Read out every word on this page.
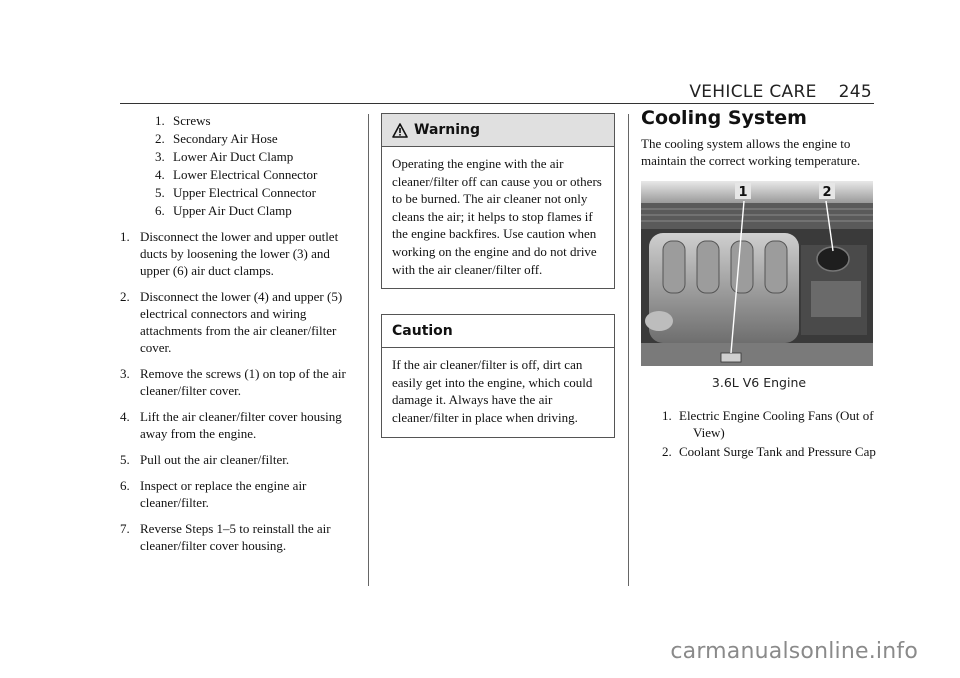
VEHICLE CARE 245
1. Screws
2. Secondary Air Hose
3. Lower Air Duct Clamp
4. Lower Electrical Connector
5. Upper Electrical Connector
6. Upper Air Duct Clamp
1. Disconnect the lower and upper outlet ducts by loosening the lower (3) and upper (6) air duct clamps.
2. Disconnect the lower (4) and upper (5) electrical connectors and wiring attachments from the air cleaner/filter cover.
3. Remove the screws (1) on top of the air cleaner/filter cover.
4. Lift the air cleaner/filter cover housing away from the engine.
5. Pull out the air cleaner/filter.
6. Inspect or replace the engine air cleaner/filter.
7. Reverse Steps 1–5 to reinstall the air cleaner/filter cover housing.
Warning
Operating the engine with the air cleaner/filter off can cause you or others to be burned. The air cleaner not only cleans the air; it helps to stop flames if the engine backfires. Use caution when working on the engine and do not drive with the air cleaner/filter off.
Caution
If the air cleaner/filter is off, dirt can easily get into the engine, which could damage it. Always have the air cleaner/filter in place when driving.
Cooling System

The cooling system allows the engine to maintain the correct working temperature.

1	2
3.6L V6 Engine
1. Electric Engine Cooling Fans (Out of View)
2. Coolant Surge Tank and Pressure Cap
carmanualsonline.info
